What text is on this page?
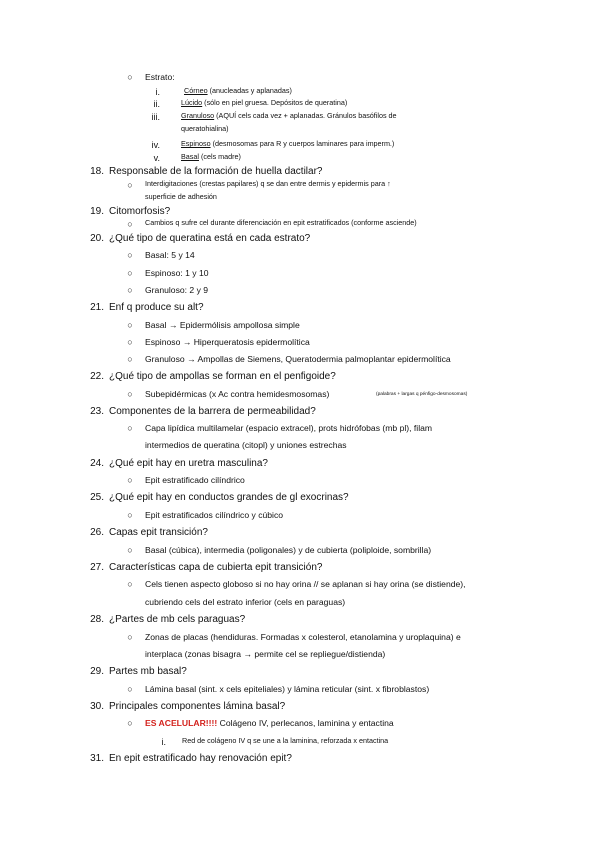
○ Estrato:
i.	Córneo (anucleadas y aplanadas)
ii.	Lúcido (sólo en piel gruesa. Depósitos de queratina)
iii.	Granuloso (AQUÍ cels cada vez + aplanadas. Gránulos basófilos de
queratohialina)
iv.	Espinoso (desmosomas para R y cuerpos laminares para imperm.)
v.	Basal (cels madre)
18. Responsable de la formación de huella dactilar?
○ Interdigitaciones (crestas papilares) q se dan entre dermis y epidermis para ↑
superficie de adhesión
19. Citomorfosis?
○ Cambios q sufre cel durante diferenciación en epit estratificados (conforme asciende)
20. ¿Qué tipo de queratina está en cada estrato?
○ Basal: 5 y 14
○ Espinoso: 1 y 10
○ Granuloso: 2 y 9
21. Enf q produce su alt?
○ Basal → Epidermólisis ampollosa simple
○ Espinoso → Hiperqueratosis epidermolítica
○ Granuloso → Ampollas de Siemens, Queratodermia palmoplantar epidermolítica
22. ¿Qué tipo de ampollas se forman en el penfigoide?
○ Subepidérmicas (x Ac contra hemidesmosomas)	(palabras + largas q pénfigo-desmosomas)
23. Componentes de la barrera de permeabilidad?
○ Capa lipídica multilamelar (espacio extracel), prots hidrófobas (mb pl), filam
intermedios de queratina (citopl) y uniones estrechas
24. ¿Qué epit hay en uretra masculina?
○ Epit estratificado cilíndrico
25. ¿Qué epit hay en conductos grandes de gl exocrinas?
○ Epit estratificados cilíndrico y cúbico
26. Capas epit transición?
○ Basal (cúbica), intermedia (poligonales) y de cubierta (poliploide, sombrilla)
27. Características capa de cubierta epit transición?
○ Cels tienen aspecto globoso si no hay orina // se aplanan si hay orina (se distiende),
cubriendo cels del estrato inferior (cels en paraguas)
28. ¿Partes de mb cels paraguas?
○ Zonas de placas (hendiduras. Formadas x colesterol, etanolamina y uroplaquina) e
interplaca (zonas bisagra → permite cel se repliegue/distienda)
29. Partes mb basal?
○ Lámina basal (sint. x cels epiteliales) y lámina reticular (sint. x fibroblastos)
30. Principales componentes lámina basal?
○ ES ACELULAR!!!! Colágeno IV, perlecanos, laminina y entactina
i. Red de colágeno IV q se une a la laminina, reforzada x entactina
31. En epit estratificado hay renovación epit?
